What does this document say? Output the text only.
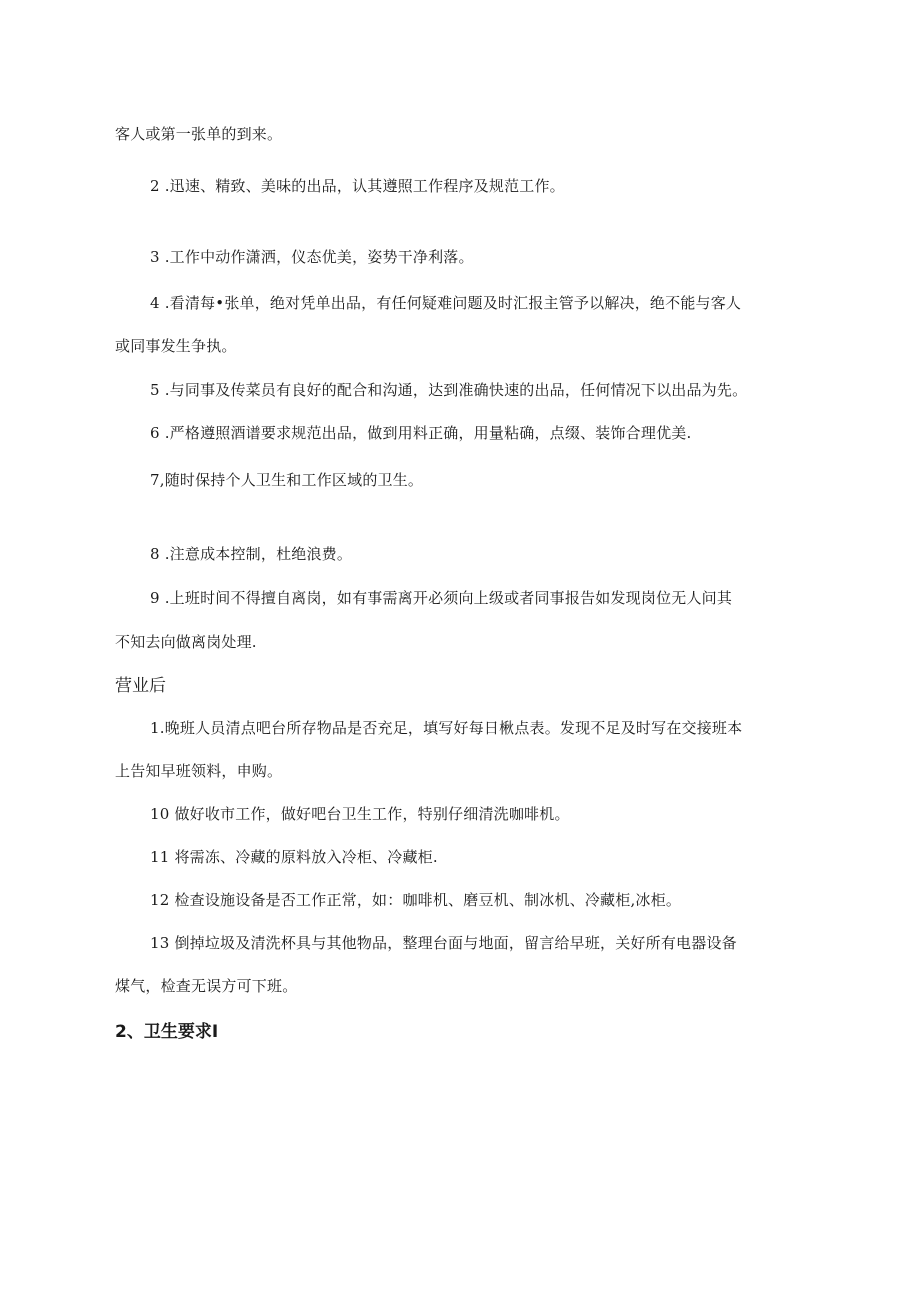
客人或第一张单的到来。
2 .迅速、精致、美味的出品，认其遵照工作程序及规范工作。
3 .工作中动作潇洒，仪态优美，姿势干净利落。
4 .看清每•张单，绝对凭单出品，有任何疑难问题及时汇报主管予以解决，绝不能与客人
或同事发生争执。
5 .与同事及传菜员有良好的配合和沟通，达到准确快速的出品，任何情况下以出品为先。
6 .严格遵照酒谱要求规范出品，做到用料正确，用量粘确，点缀、装饰合理优美.
7,随时保持个人卫生和工作区域的卫生。
8 .注意成本控制，杜绝浪费。
9 .上班时间不得擅自离岗，如有事需离开必须向上级或者同事报告如发现岗位无人问其
不知去向做离岗处理.
营业后
1.晚班人员清点吧台所存物品是否充足，填写好每日楸点表。发现不足及时写在交接班本
上告知早班领料，申购。
10 做好收市工作，做好吧台卫生工作，特别仔细清洗咖啡机。
11 将需冻、冷藏的原料放入冷柜、冷藏柜.
12 检查设施设备是否工作正常，如：咖啡机、磨豆机、制冰机、冷藏柜,冰柜。
13 倒掉垃圾及清洗杯具与其他物品，整理台面与地面，留言给早班，关好所有电器设备
煤气，检查无误方可下班。
2、卫生要求I
